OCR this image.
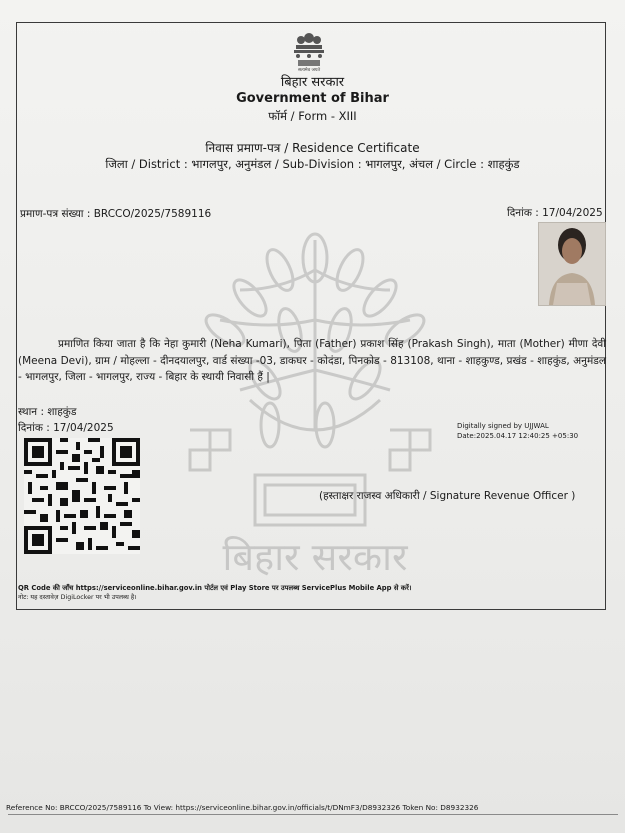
सत्यमेव जयते
बिहार सरकार
Government of Bihar
फॉर्म / Form - XIII
निवास प्रमाण-पत्र / Residence Certificate
जिला / District : भागलपुर, अनुमंडल / Sub-Division : भागलपुर, अंचल / Circle : शाहकुंड
प्रमाण-पत्र संख्या : BRCCO/2025/7589116	दिनांक : 17/04/2025
बिहार सरकार
प्रमाणित किया जाता है कि नेहा कुमारी (Neha Kumari), पिता (Father) प्रकाश सिंह (Prakash Singh), माता (Mother) मीणा देवी (Meena Devi), ग्राम / मोहल्ला - दीनदयालपुर, वार्ड संख्या -03, डाकघर - कोदंडा, पिनकोड - 813108, थाना - शाहकुण्ड, प्रखंड - शाहकुंड, अनुमंडल - भागलपुर, जिला - भागलपुर, राज्य - बिहार के स्थायी निवासी हैं |
स्थान : शाहकुंड
दिनांक : 17/04/2025	Digitally signed by UJJWAL
Date:2025.04.17 12:40:25 +05:30
(हस्ताक्षर राजस्व अधिकारी / Signature Revenue Officer )
QR Code की जाँच https://serviceonline.bihar.gov.in पोर्टल एवं Play Store पर उपलब्ध ServicePlus Mobile App से करें।
नोट: यह दस्तावेज़ DigiLocker पर भी उपलब्ध है।
Reference No: BRCCO/2025/7589116 To View: https://serviceonline.bihar.gov.in/officials/t/DNmF3/D8932326 Token No: D8932326
